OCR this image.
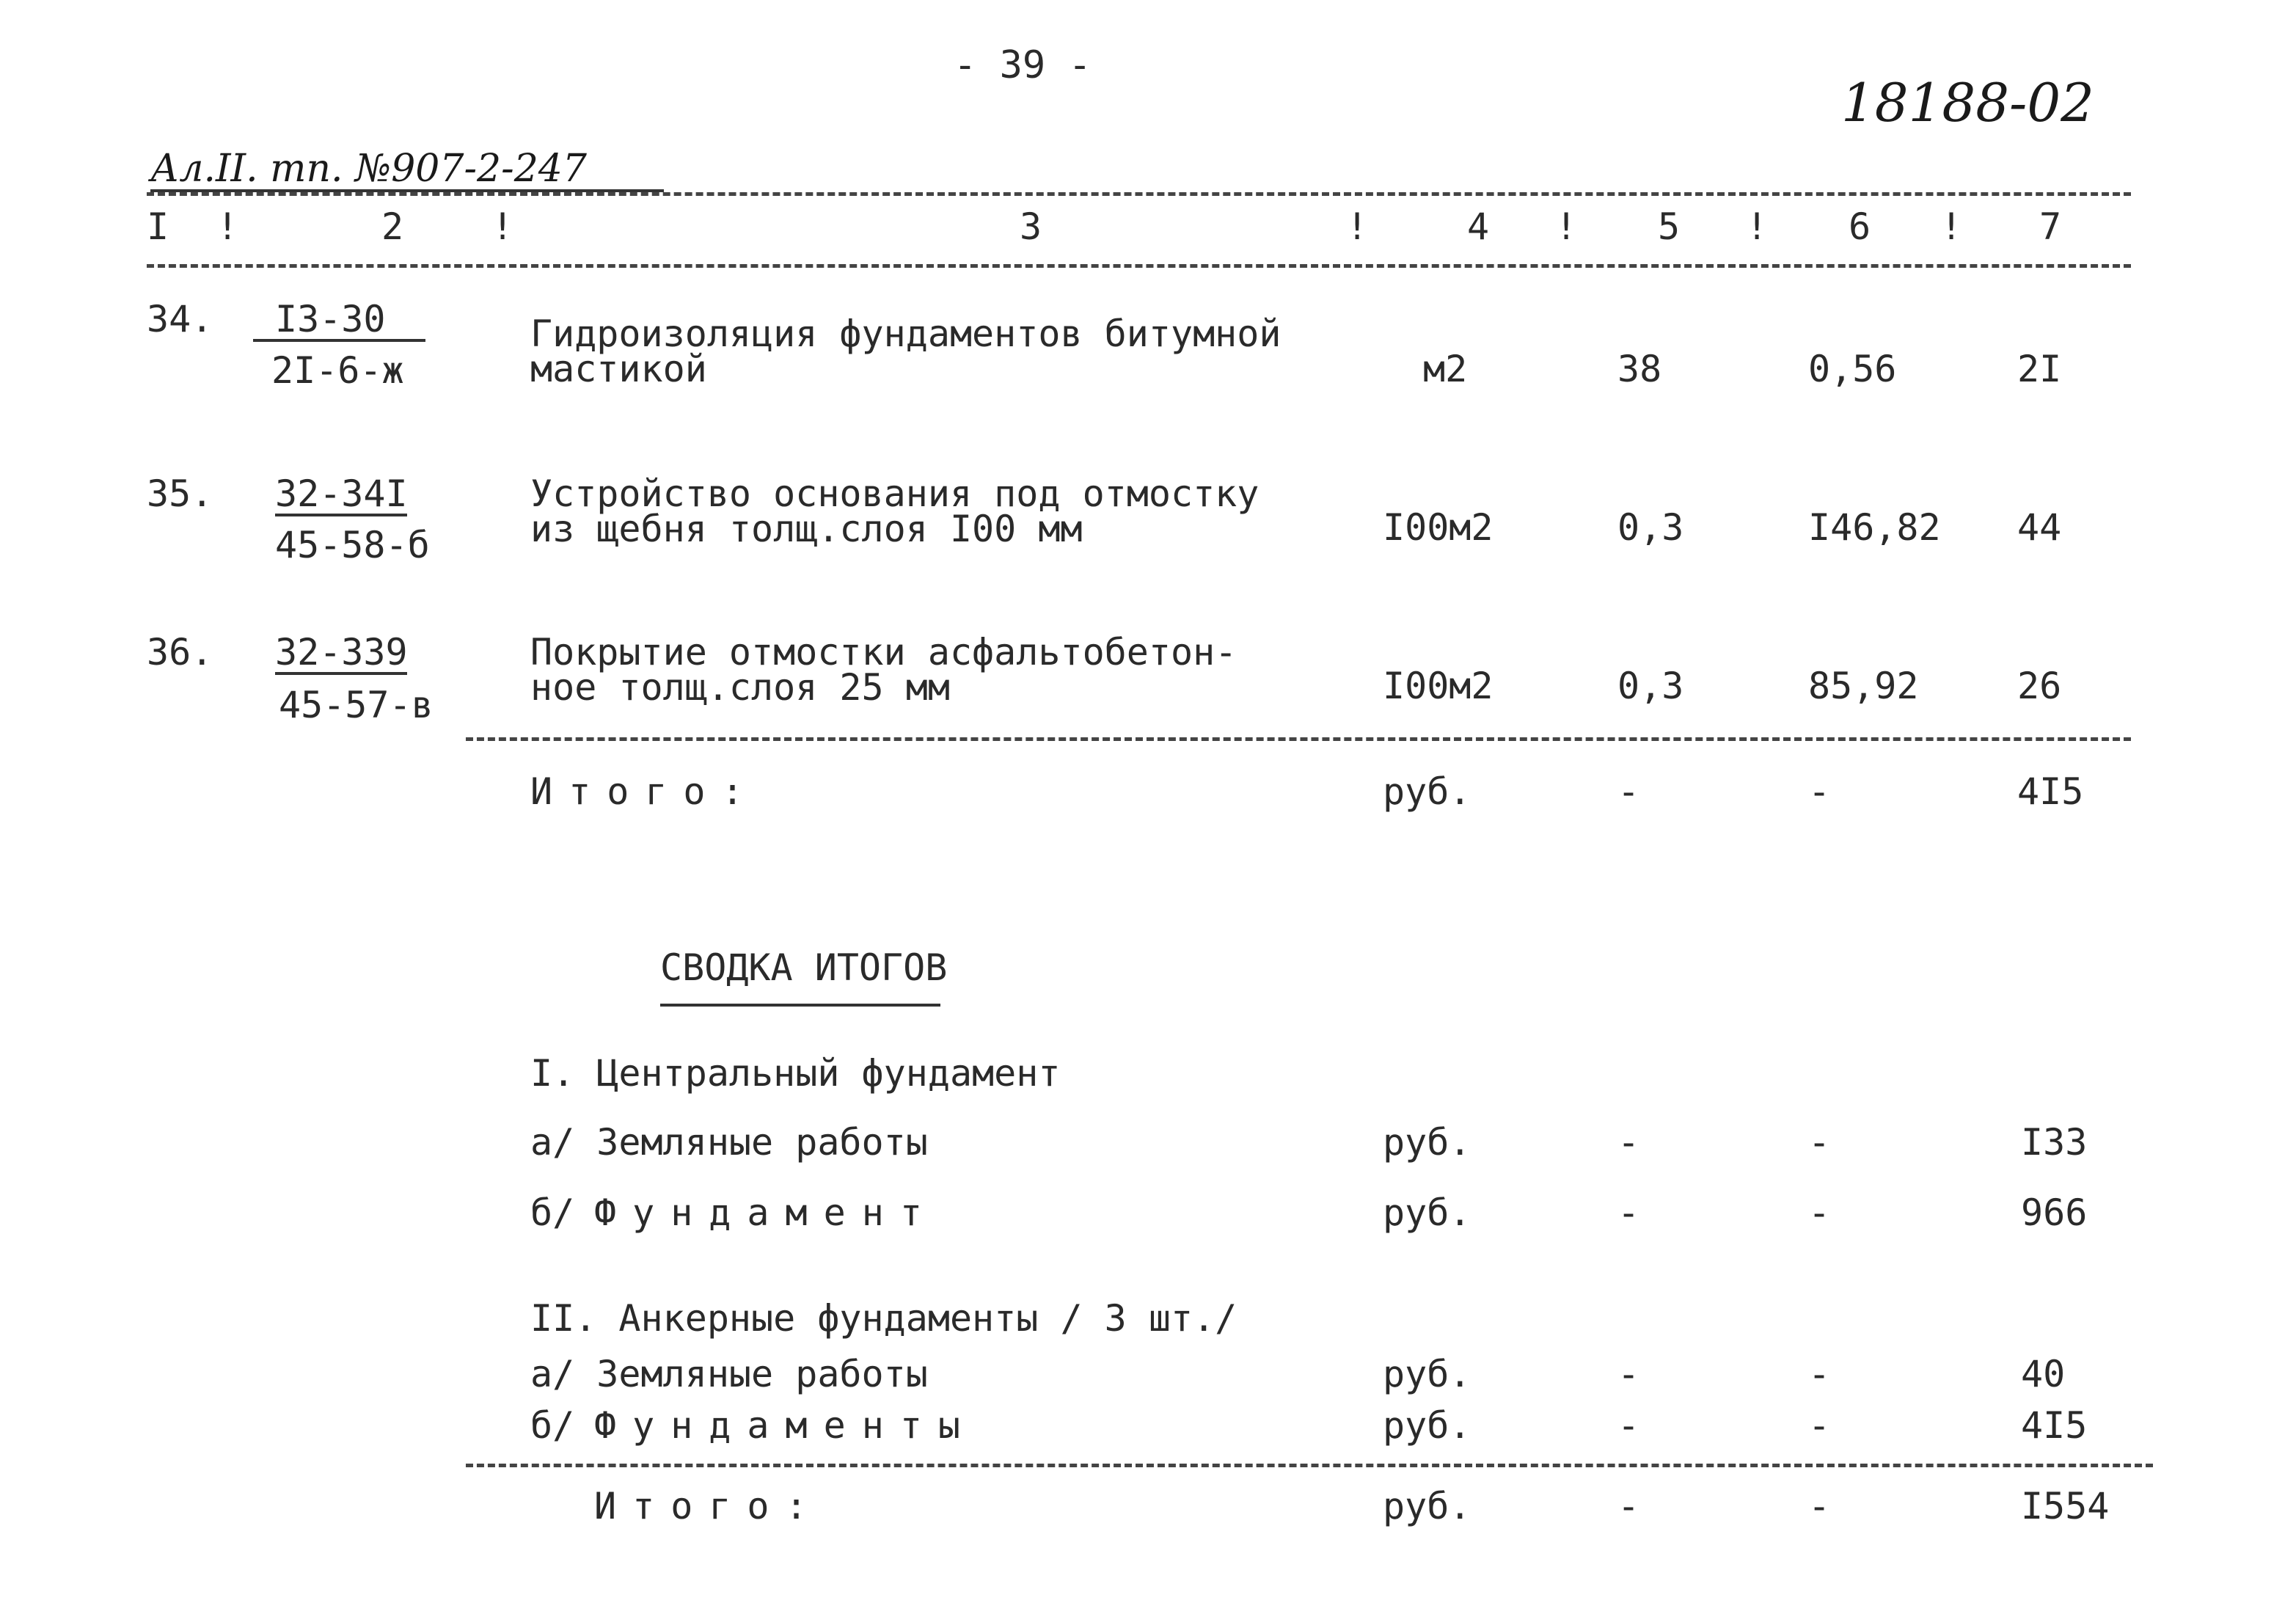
- 39 -
18188-02
Ал.II. тп. №907-2-247
I !	2 !	3	!	4 ! 5 ! 6 ! 7
34. I3-30
2I-6-ж
Гидроизоляция фундаментов битумной
мастикой	м2	38	0,56	2I
35. 32-34I
45-58-б
Устройство основания под отмостку
из щебня толщ.слоя I00 мм	I00м2	0,3	I46,82 44
36. 32-339
45-57-в
Покрытие отмостки асфальтобетон-
ное толщ.слоя 25 мм	I00м2	0,3	85,92	26
Итого:	руб.	-	-	4I5
СВОДКА ИТОГОВ
I. Центральный фундамент
а/ Земляные работы	руб.	-	-	I33
б/ Фундамент	руб.	-	-	966
II. Анкерные фундаменты / 3 шт./
а/ Земляные работы	руб.	-	-	40
б/ Фундаменты	руб.	-	-	4I5
Итого:	руб.	-	-	I554
